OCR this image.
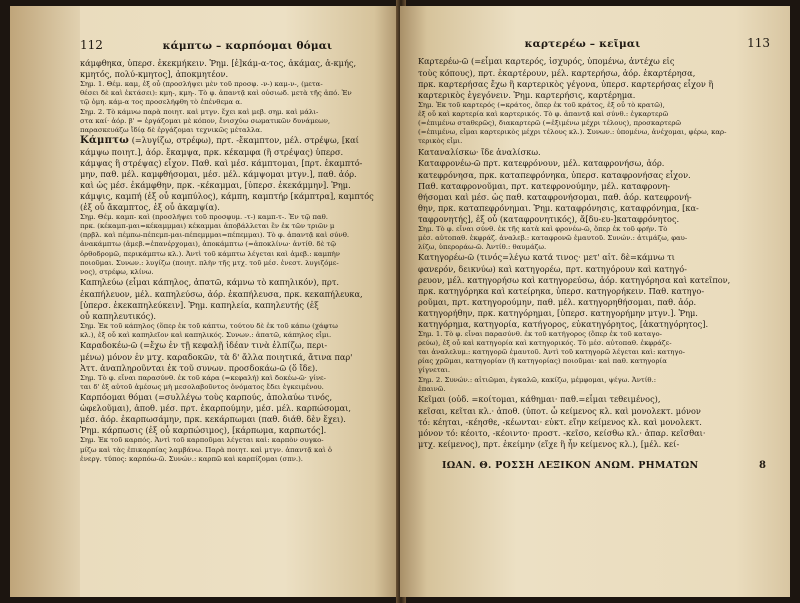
112	κάμπτω – καρπόομαι θόμαι
κάμφθηκα, ὑπερσ. ἐκεκμήκειν. Ῥημ. [ἐ]κάμ-α-τος, ἀκάμας, ἀ-κμής,
κμητός, πολύ-κμητος], ἀποκμητέον.
Σημ. 1. Θέμ. καμ, ἐξ οὗ (προσλήψει μὲν τοῦ προσφ. -ν-) καμ-ν-, (μετα-
θέσει δὲ καὶ ἐκτάσει): κμη-, κμη-. Τὸ φ. ἁπαντᾷ καὶ οὐσιωδ. μετὰ τῆς ἀπό. Ἐν
τῷ ὁμη. κάμ-α τος προσελήφθη τὸ ἐπένθεμα α.
Σημ. 2. Τὸ κάμνω παρὰ ποιητ. καὶ μτγν. ἔχει καὶ μεβ. σημ. καὶ μάλι-
στα καί· ἀόρ. β' = ἐργάζομαι μὲ κόπον, ἔνισχύω σωματικῶν δυνάμεων,
παρασκευάζω ἴδίᾳ δὲ ἐργάζομαι τεχνικῶς μέταλλα.
Κάμπτω (=λυγίζω, στρέφω), πρτ. -ἔκαμπτον, μέλ. στρέψω, [καί
κάμψω ποιητ.], ἀόρ. ἔκαμψα, πρκ. κέκαμφα (ἢ στρέψας) ὑπερσ.
κάμψας ἢ στρέψας) εἶχον. Παθ. καὶ μέσ. κάμπτομαι, [πρτ. ἐκαμπτό-
μην, παθ. μέλ. καμφθήσομαι, μέσ. μέλ. κάμψομαι μτγν.], παθ. ἀόρ.
καὶ ὡς μέσ. ἐκάμφθην, πρκ. -κέκαμμαι, [ὑπερσ. ἐκεκάμμην]. Ῥημ.
κάμψις, καμπή (ἐξ οὗ καμπύλος), κάμπη, καμπτήρ [κάμπτρα], καμπτός
(ἐξ οὗ ἄκαμπτος, ἐξ οὗ ἀκαμψία).
Σημ. Θέμ. καμπ- καὶ (προσλήψει τοῦ προσφυμ. -τ-) καμπ-τ-. Ἐν τῷ παθ.
πρκ. (κέκαμπ-μαι=κέκαμμμαι) κέκαμμαι ἀποβάλλεται ἓν ἐκ τῶν τριῶν μ
(πρβλ. καὶ πέμπω-πέπεμπ-μαι-πέπεμμμαι=πέπεμμαι). Τὸ φ. ἁπαντᾷ καὶ σύνθ.
ἀνακάμπτω (ἀμεβ.=ἐπανέρχομαι), ἀποκάμπτω (=ἀποκλίνω· ἀντίθ. δὲ τῷ
ὀρθοδρομῶ, περικάμπτω κλ.). Ἀντὶ τοῦ κάμπτω λέγεται καὶ ἀμεβ.: καμπὴν
ποιοῦμαι. Συνων.: λυγίζω (ποιητ. πλὴν τῆς μτχ. τοῦ μέσ. ἐνεστ. λυγιζόμε-
νος), στρέφω, κλίνω.
Καπηλεύω (εἶμαι κάπηλος, ἀπατῶ, κάμνω τὸ καπηλικόν), πρτ.
ἐκαπήλευον, μέλ. καπηλεύσω, ἀόρ. ἐκαπήλευσα, πρκ. κεκαπήλευκα,
[ὑπερσ. ἐκεκαπηλεύκειν]. Ῥημ. καπηλεία, καπηλευτής (ἐξ
οὗ καπηλευτικός).
Σημ. Ἐκ τοῦ κάπηλος (ὅπερ ἐκ τοῦ κάπτω, τούτου δὲ ἐκ τοῦ κάπω (χάφτω
κλ.), ἐξ οὗ καὶ καπηλεῖον καὶ καπηλικός. Συνων.: ἀπατῶ, κάπηλος εἶμι.
Καραδοκέω-ῶ (=ἔχω ἐν τῇ κεφαλῇ ἰδέαν τινὰ ἐλπίζω, περι-
μένω) μόνον ἐν μτχ. καραδοκῶν, τὰ δ' ἄλλα ποιητικά, ἄτινα παρ'
Ἀττ. ἀναπληροῦνται ἐκ τοῦ συνων. προσδοκάω-ῶ (ὅ ἴδε).
Σημ. Τὸ φ. εἶναι παρασύνθ. ἐκ τοῦ κάρα (=κεφαλή) καὶ δοκέω-ῶ· γίνε-
ται δ' ἐξ αὐτοῦ ἀμέσως μὴ μεσολαβοῦντος ὀνόματος ἔδει ἐγκειμένου.
Καρπόομαι θόμαι (=συλλέγω τοὺς καρπούς, ἀπολαύω τινός,
ὠφελοῦμαι), ἀποθ. μέσ. πρτ. ἐκαρπούμην, μέσ. μέλ. καρπώσομαι,
μέσ. ἀόρ. ἐκαρπωσάμην, πρκ. κεκάρπωμαι (παθ. διάθ. δὲν ἔχει).
Ῥημ. κάρπωσις (ἐξ οὗ καρπώσιμος), [κάρπωμα, καρπωτός].
Σημ. Ἐκ τοῦ καρπός. Ἀντὶ τοῦ καρποῦμαι λέγεται καὶ: καρπὸν συγκο-
μίζω καὶ τὰς ἐπικαρπίας λαμβάνω. Παρὰ ποιητ. καὶ μτγν. ἀπαντᾷ καὶ ὁ
ἐνεργ. τύπος: καρπόω-ῶ. Συνών.: καρπῶ καὶ καρπίζομαι (σπν.).
καρτερέω – κεῖμαι	113
Καρτερέω-ῶ (=εἶμαι καρτερός, ἰσχυρός, ὑπομένω, ἀντέχω εἰς
τοὺς κόπους), πρτ. ἐκαρτέρουν, μέλ. καρτερήσω, ἀόρ. ἐκαρτέρησα,
πρκ. καρτερήσας ἔχω ἢ καρτερικὸς γέγονα, ὑπερσ. καρτερήσας εἶχον ἢ
καρτερικὸς ἐγεγόνειν. Ῥημ. καρτερήσις, καρτέρημα.
Σημ. Ἐκ τοῦ καρτερός (=κράτος, ὅπερ ἐκ τοῦ κράτος, ἐξ οὗ τὸ κρατῶ),
ἐξ οὗ καὶ καρτερία καὶ καρτερικός. Τὸ φ. ἀπαντᾷ καὶ σύνθ.: ἐγκαρτερῶ
(=ἐπιμένω σταθερῶς), διακαρτερῶ (=ἐξιμένω μέχρι τέλους), προσκαρτερῶ
(=ἐπιμένω, εἶμαι καρτερικὸς μέχρι τέλους κλ.). Συνων.: ὑπομένω, ἀνέχομαι, φέρω, καρ-
τερικὸς εἶμι.
Καταναλίσκω· ἴδε ἀναλίσκω.
Καταφρονέω-ῶ πρτ. κατεφρόνουν, μέλ. καταφρονήσω, ἀόρ.
κατεφρόνησα, πρκ. καταπεφρόνηκα, ὑπερσ. καταφρονήσας εἶχον.
Παθ. καταφρονοῦμαι, πρτ. κατεφρονούμην, μέλ. καταφρονη-
θήσομαι καὶ μέσ. ὡς παθ. καταφρονήσομαι, παθ. ἀόρ. κατεφρονή-
θην, πρκ. καταπεφρόνημαι. Ῥημ. καταφρόνησις, καταφρόνημα, [κα-
ταφρονητής], ἐξ οὗ (καταφρονητικός), ἄ[δυ-ευ-]καταφρόνητος.
Σημ. Τὸ φ. εἶναι σύνθ. ἐκ τῆς κατὰ καὶ φρονέω-ῶ, ὅπερ ἐκ τοῦ φρήν. Τὸ
μέσ. αὐτοπαθ. ἐκφράζ. ἀναλεβ.: καταφρονῶ ἐμαυτοῦ. Συνών.: ἀτιμάζω, φαυ-
λίζω, ὑπεροράω-ῶ. Ἀντίθ.: θαυμάζω.
Κατηγορέω-ῶ (τινός=λέγω κατά τινος· μετ' αἰτ. δὲ=κάμνω τι
φανερόν, δεικνύω) καὶ κατηγορέω, πρτ. κατηγόρουν καὶ κατηγό-
ρευον, μέλ. κατηγορήσω καὶ κατηγορεύσω, ἀόρ. κατηγόρησα καὶ κατεῖπον,
πρκ. κατηγόρηκα καὶ κατείρηκα, ὑπερσ. κατηγορήκειν. Παθ. κατηγο-
ροῦμαι, πρτ. κατηγορούμην, παθ. μέλ. κατηγορηθήσομαι, παθ. ἀόρ.
κατηγορήθην, πρκ. κατηγόρημαι, [ὑπερσ. κατηγορήμην μτγν.]. Ῥημ.
κατηγόρημα, κατηγορία, κατήγορος, εὐκατηγόρητος, [ἀκατηγόρητος].
Σημ. 1. Τὸ φ. εἶναι παρασύνθ. ἐκ τοῦ κατήγορος (ὅπερ ἐκ τοῦ καταγο-
ρεύω), ἐξ οὗ καὶ κατηγορία καὶ κατηγορικός. Τὸ μέσ. αὐτοπαθ. ἐκφράζε-
ται ἀναλελυμ.: κατηγορῶ ἐμαυτοῦ. Ἀντὶ τοῦ κατηγορῶ λέγεται καὶ: κατηγο-
ρίας χρῶμαι, κατηγορίαν (ἢ κατηγορίας) ποιοῦμαι· καὶ παθ. κατηγορία
γίγνεται.
Σημ. 2. Συνών.: αἰτιῶμαι, ἐγκαλῶ, κακίζω, μέμφομαι, ψέγω. Ἀντίθ.:
ἐπαινῶ.
Κεῖμαι (οὐδ. =κοίτομαι, κάθημαι· παθ.=εἶμαι τεθειμένος),
κεῖσαι, κεῖται κλ.· ἀποθ. (ὑποτ. ὦ κείμενος κλ. καὶ μονολεκτ. μόνον
τό: κέηται, -κέησθε, -κέωνται· εὐκτ. εἴην κείμενος κλ. καὶ μονολεκτ.
μόνον τό: κέοιτο, -κέοιντο· προστ. -κεῖσο, κείσθω κλ.· ἀπαρ. κεῖσθαι·
μτχ. κείμενος), πρτ. ἐκείμην (εἴχε ἢ ἦν κείμενος κλ.), [μέλ. κεί-
ΙΩΑΝ. Θ. ΡΟΣΣΗ ΛΕΞΙΚΟΝ ΑΝΩΜ. ΡΗΜΑΤΩΝ	8
